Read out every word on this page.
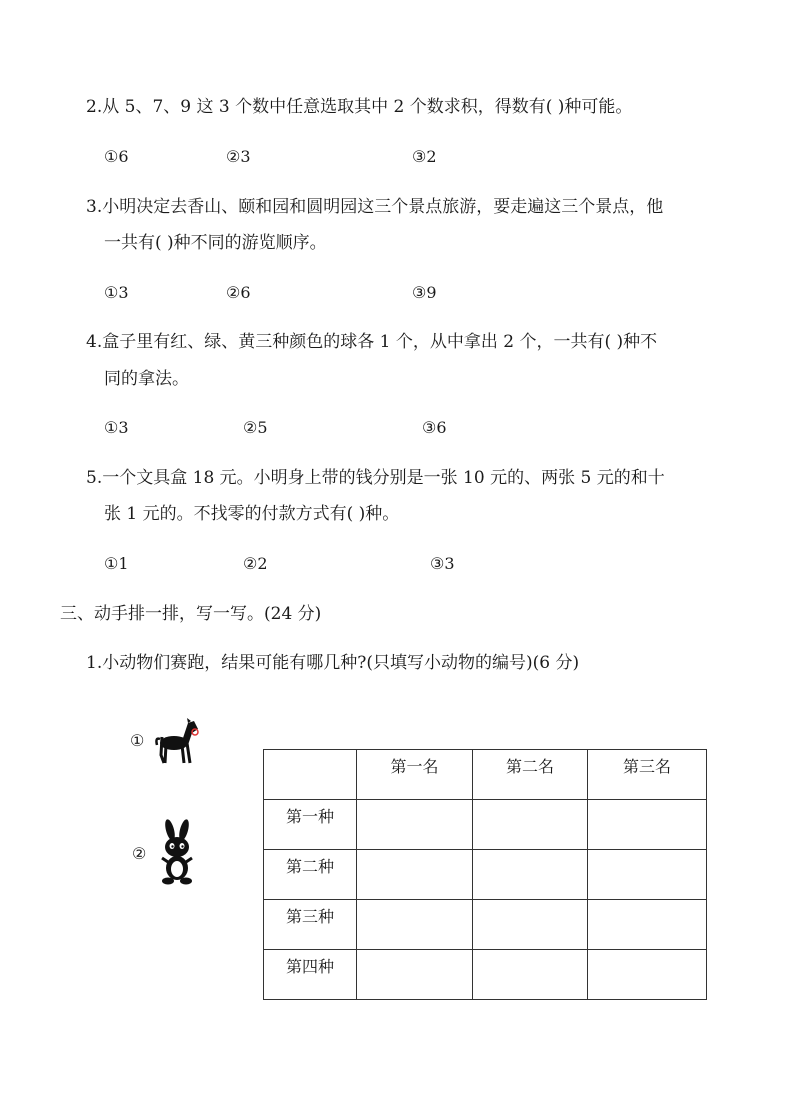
2.从 5、7、9 这 3 个数中任意选取其中 2 个数求积，得数有( )种可能。
①6	②3	③2
3.小明决定去香山、颐和园和圆明园这三个景点旅游，要走遍这三个景点，他
一共有( )种不同的游览顺序。
①3	②6	③9
4.盒子里有红、绿、黄三种颜色的球各 1 个，从中拿出 2 个，一共有( )种不
同的拿法。
①3	②5	③6
5.一个文具盒 18 元。小明身上带的钱分别是一张 10 元的、两张 5 元的和十
张 1 元的。不找零的付款方式有( )种。
①1	②2	③3
三、动手排一排，写一写。(24 分)
1.小动物们赛跑，结果可能有哪几种?(只填写小动物的编号)(6 分)
①
②
	第一名	第二名	第三名
第一种			
第二种			
第三种			
第四种			
